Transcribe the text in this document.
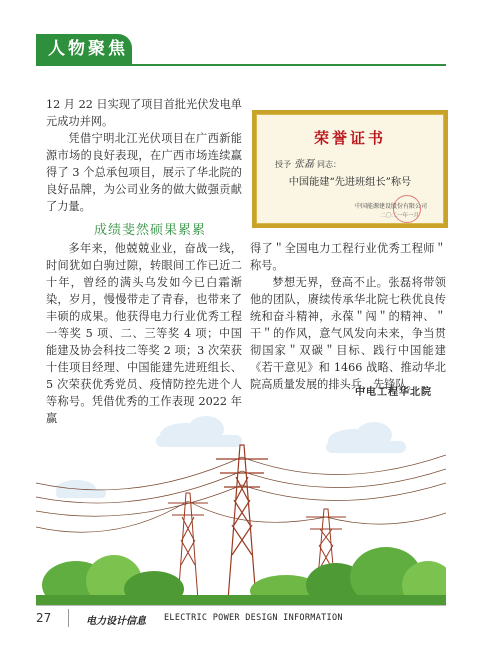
人物聚焦

12 月 22 日实现了项目首批光伏发电单元成功并网。

凭借宁明北江光伏项目在广西新能源市场的良好表现，在广西市场连续赢得了 3 个总承包项目，展示了华北院的良好品牌，为公司业务的做大做强贡献了力量。

成绩斐然硕果累累

多年来，他兢兢业业，奋战一线，时间犹如白驹过隙，转眼间工作已近二十年，曾经的满头乌发如今已白霜渐染，岁月，慢慢带走了青春，也带来了丰硕的成果。他获得电力行业优秀工程一等奖 5 项、二、三等奖 4 项；中国能建及协会科技二等奖 2 项；3 次荣获十佳项目经理、中国能建先进班组长、5 次荣获优秀党员、疫情防控先进个人等称号。凭借优秀的工作表现 2022 年赢

荣誉证书
授予 张磊 同志：
中国能建“先进班组长”称号
中国能源建设股份有限公司
二〇二一年一月

得了＂全国电力工程行业优秀工程师＂称号。

梦想无界，登高不止。张磊将带领他的团队，赓续传承华北院七秩优良传统和奋斗精神，永葆＂闯＂的精神、＂干＂的作风，意气风发向未来，争当贯彻国家＂双碳＂目标、践行中国能建《若干意见》和 1466 战略、推动华北院高质量发展的排头兵、先锋队。

中电工程华北院
27	电力设计信息 ELECTRIC POWER DESIGN INFORMATION
